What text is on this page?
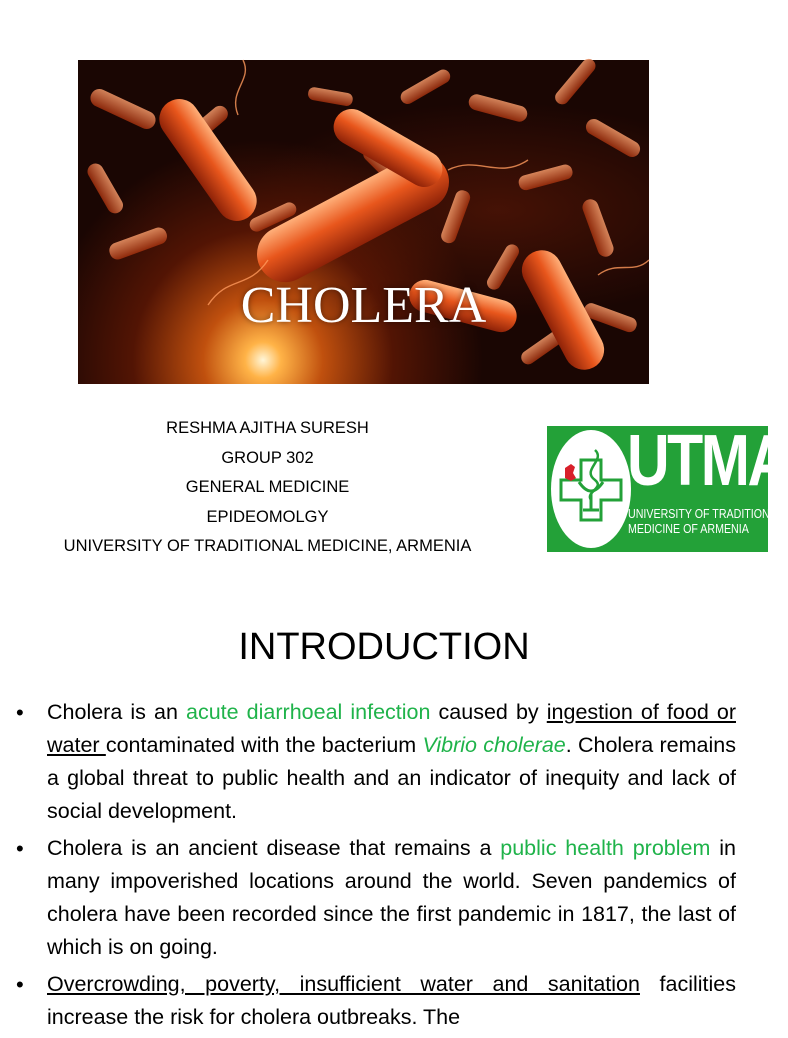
CHOLERA
RESHMA AJITHA SURESH
GROUP 302
GENERAL MEDICINE
EPIDEOMOLGY
UNIVERSITY OF TRADITIONAL MEDICINE, ARMENIA
UTMA
UNIVERSITY OF TRADITIONAL
MEDICINE OF ARMENIA
INTRODUCTION
• Cholera is an acute diarrhoeal infection caused by ingestion of food or water contaminated with the bacterium Vibrio cholerae. Cholera remains a global threat to public health and an indicator of inequity and lack of social development.
• Cholera is an ancient disease that remains a public health problem in many impoverished locations around the world. Seven pandemics of cholera have been recorded since the first pandemic in 1817, the last of which is on going.
• Overcrowding, poverty, insufficient water and sanitation facilities increase the risk for cholera outbreaks. The
